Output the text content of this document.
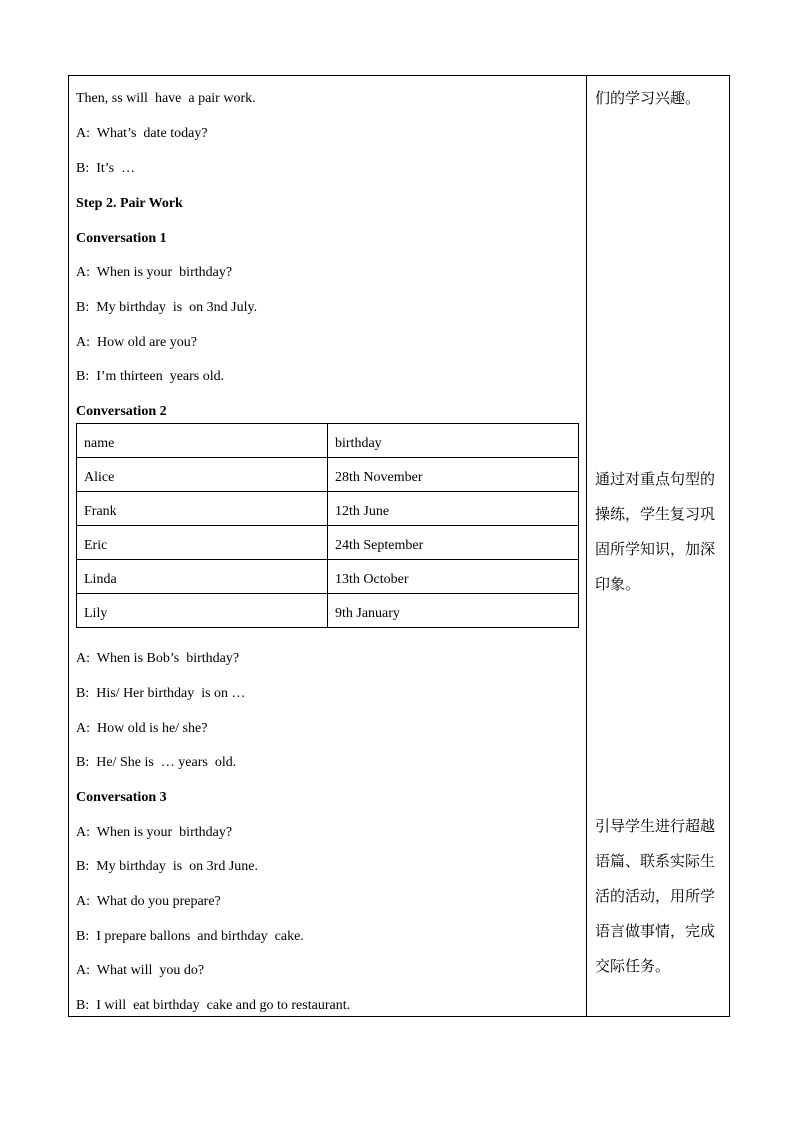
Then, ss will  have  a pair work.
A:  What’s  date today?
B:  It’s  …
Step 2. Pair Work
Conversation 1
A:  When is your  birthday?
B:  My birthday  is  on 3nd July.
A:  How old are you?
B:  I’m thirteen  years old.
Conversation 2
name	birthday
Alice	28th November
Frank	12th June
Eric	24th September
Linda	13th October
Lily	9th January
A:  When is Bob’s  birthday?
B:  His/ Her birthday  is on …
A:  How old is he/ she?
B:  He/ She is  … years  old.
Conversation 3
A:  When is your  birthday?
B:  My birthday  is  on 3rd June.
A:  What do you prepare?
B:  I prepare ballons  and birthday  cake.
A:  What will  you do?
B:  I will  eat birthday  cake and go to restaurant.
们的学习兴趣。
通过对重点句型的
操练，学生复习巩
固所学知识，加深
印象。
引导学生进行超越
语篇、联系实际生
活的活动，用所学
语言做事情，完成
交际任务。
